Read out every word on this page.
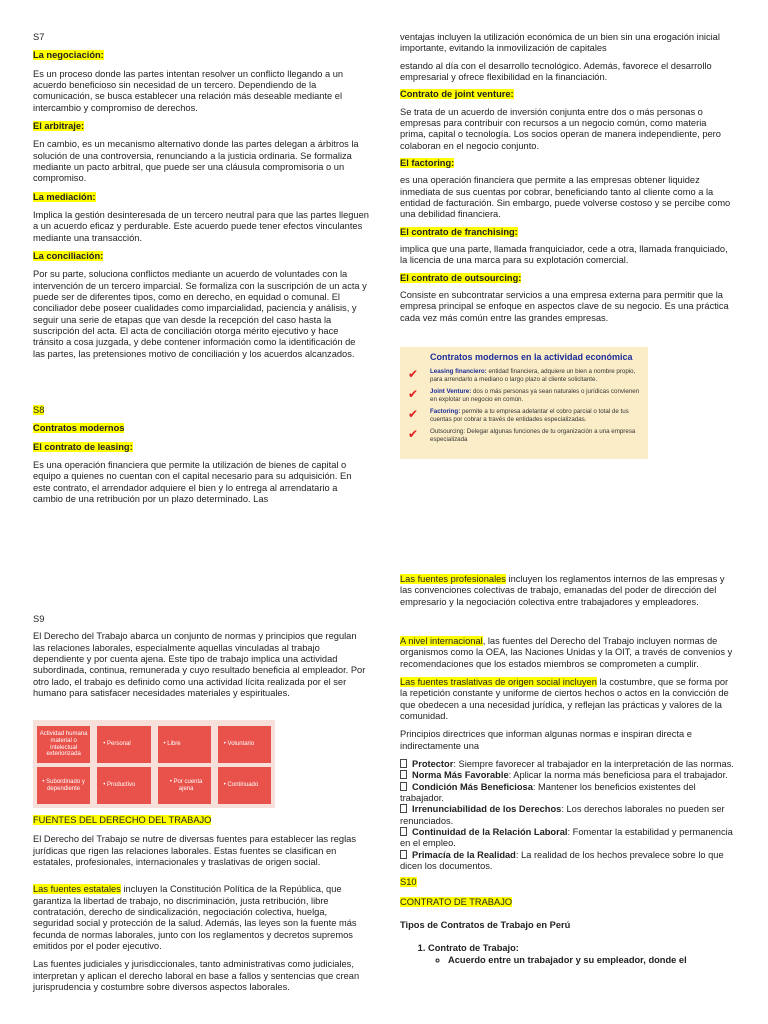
S7

La negociación:

Es un proceso donde las partes intentan resolver un conflicto llegando a un acuerdo beneficioso sin necesidad de un tercero. Dependiendo de la comunicación, se busca establecer una relación más deseable mediante el intercambio y compromiso de derechos.

El arbitraje:

En cambio, es un mecanismo alternativo donde las partes delegan a árbitros la solución de una controversia, renunciando a la justicia ordinaria. Se formaliza mediante un pacto arbitral, que puede ser una cláusula compromisoria o un compromiso.

La mediación:

Implica la gestión desinteresada de un tercero neutral para que las partes lleguen a un acuerdo eficaz y perdurable. Este acuerdo puede tener efectos vinculantes mediante una transacción.

La conciliación:

Por su parte, soluciona conflictos mediante un acuerdo de voluntades con la intervención de un tercero imparcial. Se formaliza con la suscripción de un acta y puede ser de diferentes tipos, como en derecho, en equidad o comunal. El conciliador debe poseer cualidades como imparcialidad, paciencia y análisis, y seguir una serie de etapas que van desde la recepción del caso hasta la suscripción del acta. El acta de conciliación otorga mérito ejecutivo y hace tránsito a cosa juzgada, y debe contener información como la identificación de las partes, las pretensiones motivo de conciliación y los acuerdos alcanzados.

S8

Contratos modernos

El contrato de leasing:

Es una operación financiera que permite la utilización de bienes de capital o equipo a quienes no cuentan con el capital necesario para su adquisición. En este contrato, el arrendador adquiere el bien y lo entrega al arrendatario a cambio de una retribución por un plazo determinado. Las

S9

El Derecho del Trabajo abarca un conjunto de normas y principios que regulan las relaciones laborales, especialmente aquellas vinculadas al trabajo dependiente y por cuenta ajena. Este tipo de trabajo implica una actividad subordinada, continua, remunerada y cuyo resultado beneficia al empleador. Por otro lado, el trabajo es definido como una actividad lícita realizada por el ser humano para satisfacer necesidades materiales y espirituales.

Actividad humana material o intelectual exteriorizada
• Personal	• Libre	• Voluntario
• Subordinado y dependiente
• Productivo
• Por cuenta ajena
• Continuado

FUENTES DEL DERECHO DEL TRABAJO

El Derecho del Trabajo se nutre de diversas fuentes para establecer las reglas jurídicas que rigen las relaciones laborales. Estas fuentes se clasifican en estatales, profesionales, internacionales y traslativas de origen social.

Las fuentes estatales incluyen la Constitución Política de la República, que garantiza la libertad de trabajo, no discriminación, justa retribución, libre contratación, derecho de sindicalización, negociación colectiva, huelga, seguridad social y protección de la salud. Además, las leyes son la fuente más fecunda de normas laborales, junto con los reglamentos y decretos supremos emitidos por el poder ejecutivo.

Las fuentes judiciales y jurisdiccionales, tanto administrativas como judiciales, interpretan y aplican el derecho laboral en base a fallos y sentencias que crean jurisprudencia y costumbre sobre diversos aspectos laborales.

ventajas incluyen la utilización económica de un bien sin una erogación inicial importante, evitando la inmovilización de capitales

estando al día con el desarrollo tecnológico. Además, favorece el desarrollo empresarial y ofrece flexibilidad en la financiación.

Contrato de joint venture:

Se trata de un acuerdo de inversión conjunta entre dos o más personas o empresas para contribuir con recursos a un negocio común, como materia prima, capital o tecnología. Los socios operan de manera independiente, pero colaboran en el negocio conjunto.

El factoring:

es una operación financiera que permite a las empresas obtener liquidez inmediata de sus cuentas por cobrar, beneficiando tanto al cliente como a la entidad de facturación. Sin embargo, puede volverse costoso y se percibe como una debilidad financiera.

El contrato de franchising:

implica que una parte, llamada franquiciador, cede a otra, llamada franquiciado, la licencia de una marca para su explotación comercial.

El contrato de outsourcing:

Consiste en subcontratar servicios a una empresa externa para permitir que la empresa principal se enfoque en aspectos clave de su negocio. Es una práctica cada vez más común entre las grandes empresas.

Contratos modernos en la actividad económica
✔	Leasing financiero: entidad financiera, adquiere un bien a nombre propio, para arrendarlo a mediano o largo plazo al cliente solicitante.
✔	Joint Venture: dos o más personas ya sean naturales o jurídicas convienen en explotar un negocio en común.
✔	Factoring: permite a tu empresa adelantar el cobro parcial o total de tus cuentas por cobrar a través de entidades especializadas.
✔	Outsourcing: Delegar algunas funciones de tu organización a una empresa especializada

Las fuentes profesionales incluyen los reglamentos internos de las empresas y las convenciones colectivas de trabajo, emanadas del poder de dirección del empresario y la negociación colectiva entre trabajadores y empleadores.

A nivel internacional, las fuentes del Derecho del Trabajo incluyen normas de organismos como la OEA, las Naciones Unidas y la OIT, a través de convenios y recomendaciones que los estados miembros se comprometen a cumplir.

Las fuentes traslativas de origen social incluyen la costumbre, que se forma por la repetición constante y uniforme de ciertos hechos o actos en la convicción de que obedecen a una necesidad jurídica, y reflejan las prácticas y valores de la comunidad.

Principios directrices que informan algunas normas e inspiran directa e indirectamente una

Protector: Siempre favorecer al trabajador en la interpretación de las normas.
Norma Más Favorable: Aplicar la norma más beneficiosa para el trabajador.
Condición Más Beneficiosa: Mantener los beneficios existentes del trabajador.
Irrenunciabilidad de los Derechos: Los derechos laborales no pueden ser renunciados.
Continuidad de la Relación Laboral: Fomentar la estabilidad y permanencia en el empleo.
Primacía de la Realidad: La realidad de los hechos prevalece sobre lo que dicen los documentos.

S10

CONTRATO DE TRABAJO

Tipos de Contratos de Trabajo en Perú

1. Contrato de Trabajo:
◦ Acuerdo entre un trabajador y su empleador, donde el
